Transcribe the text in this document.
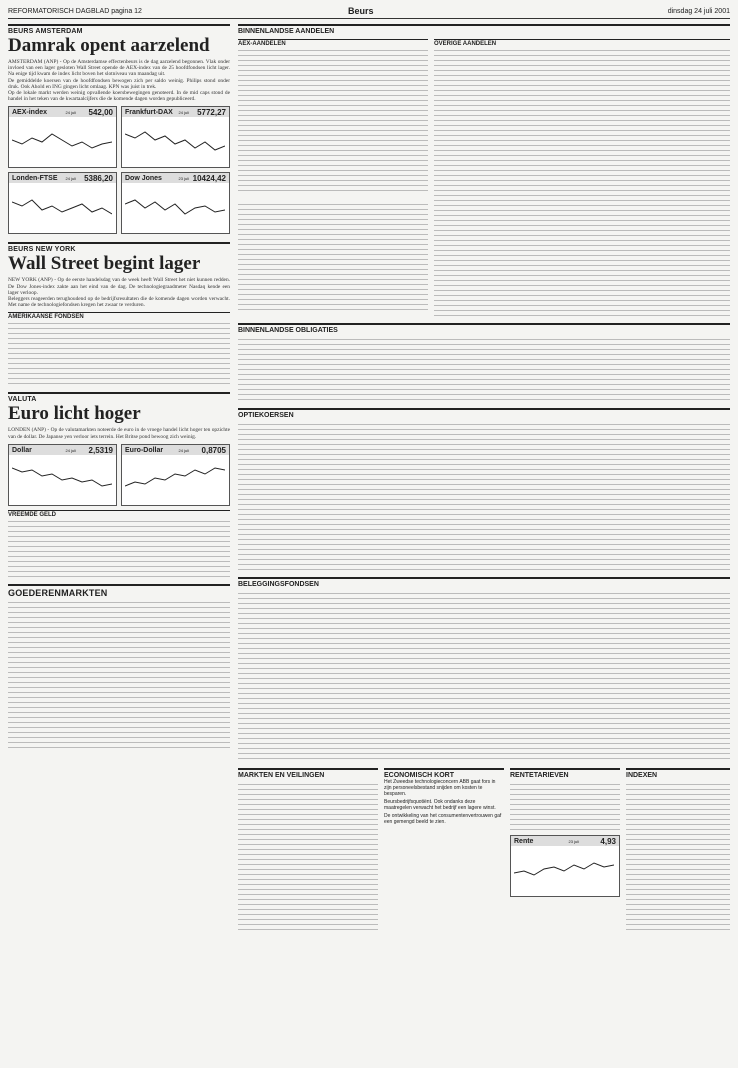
REFORMATORISCH DAGBLAD pagina 12	Beurs	dinsdag 24 juli 2001
BEURS AMSTERDAM
Damrak opent aarzelend

AMSTERDAM (ANP) - Op de Amsterdamse effectenbeurs is de dag aarzelend begonnen. Vlak onder invloed van een lager gesloten Wall Street opende de AEX-index van de 25 hoofdfondsen licht lager. Na enige tijd kwam de index licht boven het slotniveau van maandag uit.

De gemiddelde koersen van de hoofdfondsen bewogen zich per saldo weinig. Philips stond onder druk. Ook Ahold en ING gingen licht omlaag. KPN was juist in trek.

Op de lokale markt werden weinig opvallende koersbewegingen genoteerd. In de mid caps stond de handel in het teken van de kwartaalcijfers die de komende dagen worden gepubliceerd.

AEX-index	24 juli 542,00 Frankfurt-DAX 24 juli 5772,27
Londen-FTSE 24 juli 5386,20 Dow Jones	23 juli 10424,42
BEURS NEW YORK
Wall Street begint lager

NEW YORK (ANP) - Op de eerste handelsdag van de week heeft Wall Street het niet kunnen redden. De Dow Jones-index zakte aan het eind van de dag. De technologiegraadmeter Nasdaq kende een lager verloop.

Beleggers reageerden terughoudend op de bedrijfsresultaten die de komende dagen worden verwacht. Met name de technologiefondsen kregen het zwaar te verduren.

AMERIKAANSE FONDSEN
VALUTA
Euro licht hoger

LONDEN (ANP) - Op de valutamarkten noteerde de euro in de vroege handel licht hoger ten opzichte van de dollar. De Japanse yen verloor iets terrein. Het Britse pond bewoog zich weinig.

Dollar	24 juli 2,5319 Euro-Dollar	24 juli 0,8705
VREEMDE GELD
GOEDERENMARKTEN
BINNENLANDSE AANDELEN
AEX-AANDELEN	OVERIGE AANDELEN
BINNENLANDSE OBLIGATIES
OPTIEKOERSEN
BELEGGINGSFONDSEN
MARKTEN EN VEILINGEN	ECONOMISCH KORT

Het Zweedse technologieconcern ABB gaat fors in zijn personeelsbestand snijden om kosten te besparen.

Beursbedrijfsquotiënt. Ook ondanks deze maatregelen verwacht het bedrijf een lagere winst.

De ontwikkeling van het consumentenvertrouwen gaf een gemengd beeld te zien.

RENTETARIEVEN
Rente	23 juli	4,93
INDEXEN
